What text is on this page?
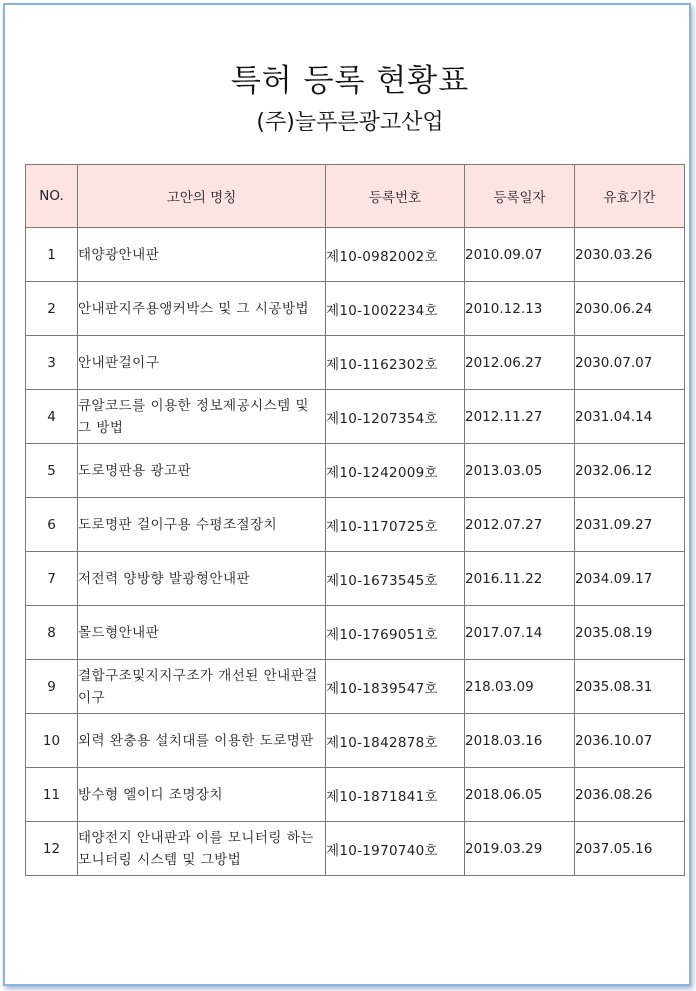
특허 등록 현황표
(주)늘푸른광고산업
NO.	고안의 명칭	등록번호	등록일자	유효기간
1	태양광안내판	제10-0982002호	2010.09.07	2030.03.26
2	안내판지주용앵커박스 및 그 시공방법	제10-1002234호	2010.12.13	2030.06.24
3	안내판걸이구	제10-1162302호	2012.06.27	2030.07.07
4	큐알코드를 이용한 정보제공시스템 및 그 방법	제10-1207354호	2012.11.27	2031.04.14
5	도로명판용 광고판	제10-1242009호	2013.03.05	2032.06.12
6	도로명판 걸이구용 수평조절장치	제10-1170725호	2012.07.27	2031.09.27
7	저전력 양방향 발광형안내판	제10-1673545호	2016.11.22	2034.09.17
8	몰드형안내판	제10-1769051호	2017.07.14	2035.08.19
9	결합구조및지지구조가 개선된 안내판걸이구	제10-1839547호	218.03.09	2035.08.31
10	외력 완충용 설치대를 이용한 도로명판	제10-1842878호	2018.03.16	2036.10.07
11	방수형 엘이디 조명장치	제10-1871841호	2018.06.05	2036.08.26
12	태양전지 안내판과 이를 모니터링 하는 모니터링 시스템 및 그방법	제10-1970740호	2019.03.29	2037.05.16
